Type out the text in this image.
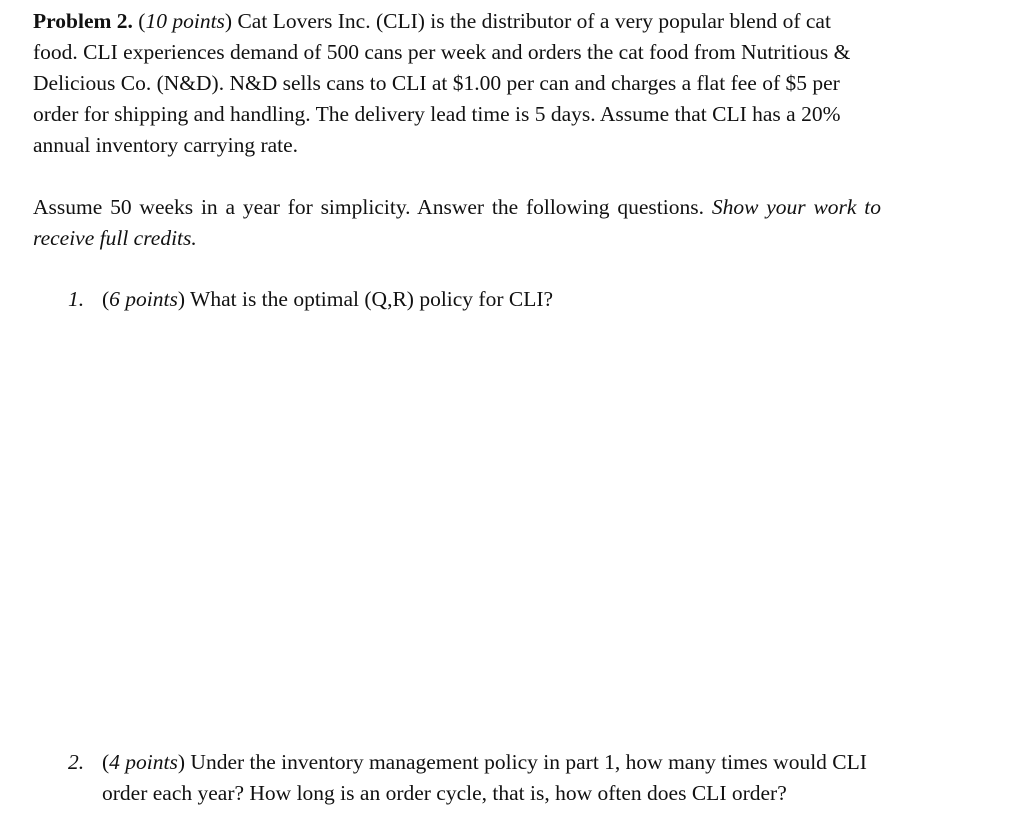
Problem 2. (10 points) Cat Lovers Inc. (CLI) is the distributor of a very popular blend of cat food. CLI experiences demand of 500 cans per week and orders the cat food from Nutritious & Delicious Co. (N&D). N&D sells cans to CLI at $1.00 per can and charges a flat fee of $5 per order for shipping and handling. The delivery lead time is 5 days. Assume that CLI has a 20% annual inventory carrying rate.

Assume 50 weeks in a year for simplicity. Answer the following questions. Show your work to receive full credits.

1. (6 points) What is the optimal (Q,R) policy for CLI?
2. (4 points) Under the inventory management policy in part 1, how many times would CLI order each year? How long is an order cycle, that is, how often does CLI order?
